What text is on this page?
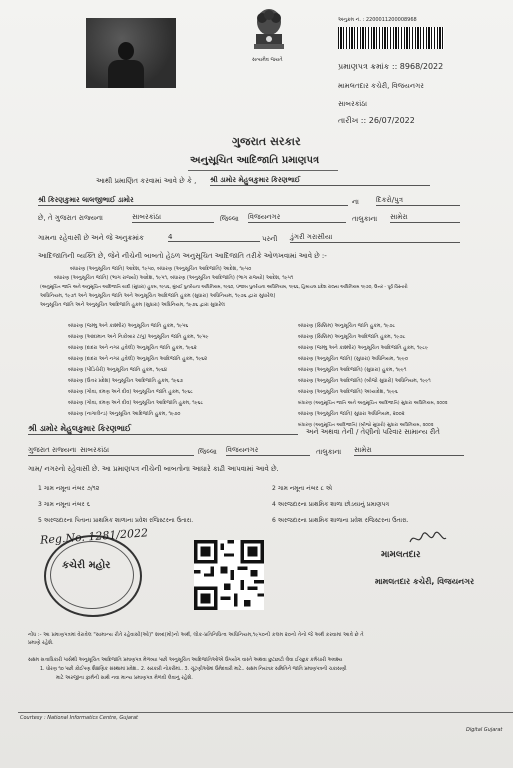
સત્યમેવ જયતે
અનુક્રમ નં. : 2200011200008968
પ્રમાણપત્ર ક્રમાંક :: 8968/2022
મામલતદાર કચેરી, વિજયનગર
સાબરકાંઠા
તારીખ :: 26/07/2022
ગુજરાત સરકાર
અનુસૂચિત આદિજાતિ પ્રમાણપત્ર
આથી પ્રમાણિત કરવામાં આવે છે કે , શ્રી ડામોર મેહુલકુમાર કિરણભાઈ
શ્રી કિરણકુમાર લાલજીભાઈ ડામોર	ના દિકરો/પુત્ર
છે, તે ગુજરાત રાજ્યના	સાબરકાંઠા	જિલ્લા વિજયનગર	તાલુકાના સામેરા
ગામના રહેવાસી છે અને જે અનુક્રમાંક	4	પરની ડુંગરી ગરાસીયા
આદિજાતિની વ્યક્તિ છે, જેને નીચેની બાબતો હેઠળ અનુસૂચિત આદિજાતિ તરીકે ઓળખવામાં આવે છે :-
બંધારણ (અનુસૂચિત જાતિ) આદેશ, ૧૯૫૦, બંધારણ (અનુસૂચિત આદિજાતિ) આદેશ, ૧૯૫૦
બંધારણ (અનુસૂચિત જાતિ) (ભાગ રાજ્યો) આદેશ, ૧૯૫૧, બંધારણ (અનુસૂચિત આદિજાતિ) (ભાગ રાજ્યો) આદેશ, ૧૯૫૧
(અનુસૂચિત જાતિ અને અનુસૂચિત આદિજાતિ યાદી (સુધારા) હુકમ, ૧૯૫૬, મુંબઈ પુનર્રચના અધિનિયમ, ૧૯૬૦, પંજાબ પુનર્રચના અધિનિયમ, ૧૯૬૬, હિમાચલ પ્રદેશ રાજ્ય અધિનિયમ ૧૯૭૦, ઉત્તર - પૂર્વ વિસ્તારો
અધિનિયમ, ૧૯૭૧ અને અનુસૂચિત જાતિ અને અનુસૂચિત આદિજાતિ હુકમ (સુધારા) અધિનિયમ, ૧૯૭૬ દ્વારા સુધારેલ)
અનુસૂચિત જાતિ અને અનુસૂચિત આદિજાતિ હુકમ (સુધારા) અધિનિયમ, ૧૯૭૬ દ્વારા સુધારેલ
બંધારણ (જમ્મુ અને કાશ્મીર) અનુસૂચિત જાતિ હુકમ, ૧૯૫૬
બંધારણ (આંદામાન અને નિકોબાર ટાપુ) અનુસૂચિત જાતિ હુકમ, ૧૯૫૯
બંધારણ (દાદરા અને નગર હવેલી) અનુસૂચિત જાતિ હુકમ, ૧૯૬૨
બંધારણ (દાદરા અને નગર હવેલી) અનુસૂચિત આદિજાતિ હુકમ, ૧૯૬૨
બંધારણ (પોંડિચેરી) અનુસૂચિત જાતિ હુકમ, ૧૯૬૪
બંધારણ (ઉત્તર પ્રદેશ) અનુસૂચિત આદિજાતિ હુકમ, ૧૯૬૭
બંધારણ (ગોવા, દમણ અને દીવ) અનુસૂચિત જાતિ હુકમ, ૧૯૬૮
બંધારણ (ગોવા, દમણ અને દીવ) અનુસૂચિત આદિજાતિ હુકમ, ૧૯૬૮
બંધારણ (નાગાલેન્ડ) અનુસૂચિત આદિજાતિ હુકમ, ૧૯૭૦
બંધારણ (સિક્કિમ) અનુસૂચિત જાતિ હુકમ, ૧૯૭૮
બંધારણ (સિક્કિમ) અનુસૂચિત આદિજાતિ હુકમ, ૧૯૭૮
બંધારણ (જમ્મુ અને કાશ્મીર) અનુસૂચિત આદિજાતિ હુકમ, ૧૯૮૯
બંધારણ (અનુસૂચિત જાતિ) (સુધારા) અધિનિયમ, ૧૯૯૦
બંધારણ (અનુસૂચિત આદિજાતિ) (સુધારા) હુકમ, ૧૯૯૧
બંધારણ (અનુસૂચિત આદિજાતિ) (બીજો સુધારો) અધિનિયમ, ૧૯૯૧
બંધારણ (અનુસૂચિત આદિજાતિ) અધ્યાદેશ, ૧૯૯૬
બંધારણ (અનુસૂચિત જાતિ અને અનુસૂચિત આદિજાતિ) સુધારા અધિનિયમ, ૨૦૦૨
બંધારણ (અનુસૂચિત જાતિ) સુધારા અધિનિયમ, ૨૦૦૨
બંધારણ (અનુસૂચિત આદિજાતિ) (બીજો સુધારો) સુધારા અધિનિયમ, ૨૦૦૨
શ્રી ડામોર મેહુલકુમાર કિરણભાઈ	અને અથવા તેની / તેણીનો પરિવાર સામાન્ય રીતે
ગુજરાત રાજ્યના સાબરકાંઠા	જિલ્લા વિજયનગર	તાલુકાના સામેરા
ગામ/ નગરનો રહેવાસી છે. આ પ્રમાણપત્ર નીચેની બાબતોના આધારે કાઢી આપવામાં આવે છે.
1 ગામ નમૂના નંબર ૭/૧૨	2 ગામ નમૂના નંબર ૮ એ
3 ગામ નમૂના નંબર ૬	4 અરજદારના પ્રાથમિક શાળા છોડયાનું પ્રમાણપત્ર
5 અરજદારના પિતાના પ્રાથમિક શાળાના પ્રવેશ રજિસ્ટરના ઉતારા.	6 અરજદારના પ્રાથમિક શાળાના પ્રવેશ રજિસ્ટરના ઉતારા.
Reg.No. 1281/2022
કચેરી મહોર
મામલતદાર
મામલતદાર કચેરી, વિજયનગર
નોંધ :- આ પ્રમાણપત્રમાં વેરાવેલ "સામાન્ય રીતે રહેવાસી(ઓ)" શબ્દ(મો)નો અર્થ, લોક-પ્રતિનિધિત્વ અધિનિયમ,૧૯૫૦ની કલમ ૨૦નો તેનો જે અર્થ કરવામાં આવે છે તે
પ્રમાણે રહેશે.
સક્ષમ સત્તાધિકારી પાસેથી અનુસૂચિત આદિજાતિ પ્રમાણપત્ર મેળવ્યા પછી અનુસૂચિત આદિજાતિઓએ ઉપયોગ વાસ્તે અથવા છુટછાટો લેવા ઈચ્છુક કર્મચારી અવશ્ય
1. ધોરણ ૧૦ પછી કોઈપણ શૈક્ષણિક સંસ્થામાં પ્રવેશ.. 2. સરકારી નોકરીમાં.. 3. ચૂંટણીઓમાં ઉમેદવારી માટે.. સક્ષમ નિયંત્રક સમિતિને જાતિ પ્રમાણપત્રની ચકાસણી
માટે અરજીના ફાર્મની સાથે નવા માન્ય પ્રમાણપત્ર મેળવી લેવાનું રહેશે.
Courtesy : National Informatics Centre, Gujarat
Digital Gujarat
